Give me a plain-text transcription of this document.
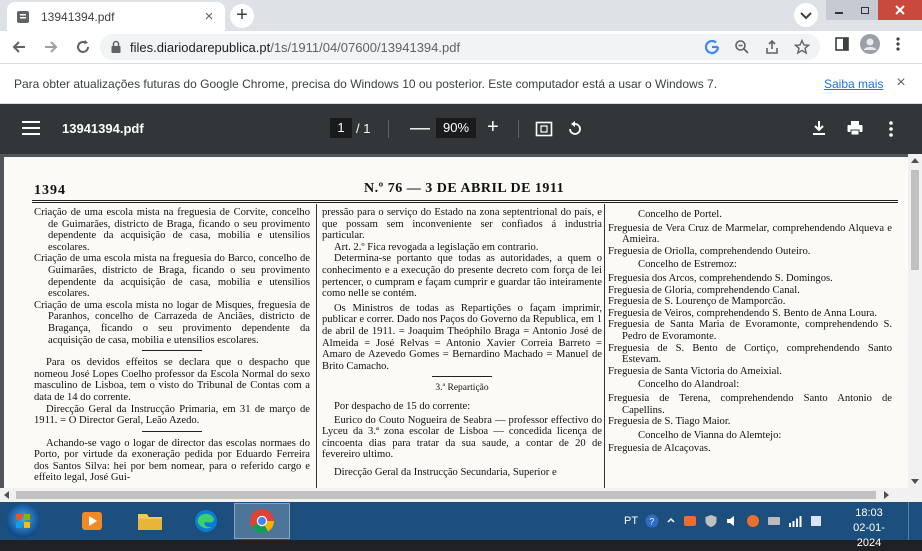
13941394.pdf	×	+
files.diariodarepublica.pt/1s/1911/04/07600/13941394.pdf
Para obter atualizações futuras do Google Chrome, precisa do Windows 10 ou posterior. Este computador está a usar o Windows 7.	Saiba mais ×
13941394.pdf	1 / 1 — 90% +
1394	N.º 76 — 3 DE ABRIL DE 1911

Criação de uma escola mista na freguesia de Corvite, concelho de Guimarães, districto de Braga, ficando o seu provimento dependente da acquisição de casa, mobilia e utensilios escolares.

Criação de uma escola mista na freguesia do Barco, concelho de Guimarães, districto de Braga, ficando o seu provimento dependente da acquisição de casa, mobilia e utensilios escolares.

Criação de uma escola mista no logar de Misques, freguesia de Paranhos, concelho de Carrazeda de Anciães, districto de Bragança, ficando o seu provimento dependente da acquisição de casa, mobilia e utensilios escolares.

Para os devidos effeitos se declara que o despacho que nomeou José Lopes Coelho professor da Escola Normal do sexo masculino de Lisboa, tem o visto do Tribunal de Contas com a data de 14 do corrente.

Direcção Geral da Instrucção Primaria, em 31 de março de 1911. = O Director Geral, Leão Azedo.

Achando-se vago o logar de director das escolas normaes do Porto, por virtude da exoneração pedida por Eduardo Ferreira dos Santos Silva: hei por bem nomear, para o referido cargo e effeito legal, José Gui-

pressão para o serviço do Estado na zona septentrional do país, e que possam sem inconveniente ser confiados á industria particular.

Art. 2.º Fica revogada a legislação em contrario.

Determina-se portanto que todas as autoridades, a quem o conhecimento e a execução do presente decreto com força de lei pertencer, o cumpram e façam cumprir e guardar tão inteiramente como nelle se contém.

Os Ministros de todas as Repartições o façam imprimir, publicar e correr. Dado nos Paços do Governo da Republica, em 1 de abril de 1911. = Joaquim Theóphilo Braga = Antonio José de Almeida = José Relvas = Antonio Xavier Correia Barreto = Amaro de Azevedo Gomes = Bernardino Machado = Manuel de Brito Camacho.

3.ª Repartição

Por despacho de 15 do corrente:

Eurico do Couto Nogueira de Seabra — professor effectivo do Lyceu da 3.ª zona escolar de Lisboa — concedida licença de cincoenta dias para tratar da sua saude, a contar de 20 de fevereiro ultimo.

Direcção Geral da Instrucção Secundaria, Superior e

Concelho de Portel.

Freguesia de Vera Cruz de Marmelar, comprehendendo Alqueva e Amieira.

Freguesia de Oriolla, comprehendendo Outeiro.

Concelho de Estremoz:

Freguesia dos Arcos, comprehendendo S. Domingos.

Freguesia de Gloria, comprehendendo Canal.

Freguesia de S. Lourenço de Mamporcão.

Freguesia de Veiros, comprehendendo S. Bento de Anna Loura.

Freguesia de Santa Maria de Evoramonte, comprehendendo S. Pedro de Evoramonte.

Freguesia de S. Bento de Cortiço, comprehendendo Santo Estevam.

Freguesia de Santa Victoria do Ameixial.

Concelho do Alandroal:

Freguesia de Terena, comprehendendo Santo Antonio de Capellins.

Freguesia de S. Tiago Maior.

Concelho de Vianna do Alemtejo:

Freguesia de Alcaçovas.

PT ?
18:03
02-01-2024
